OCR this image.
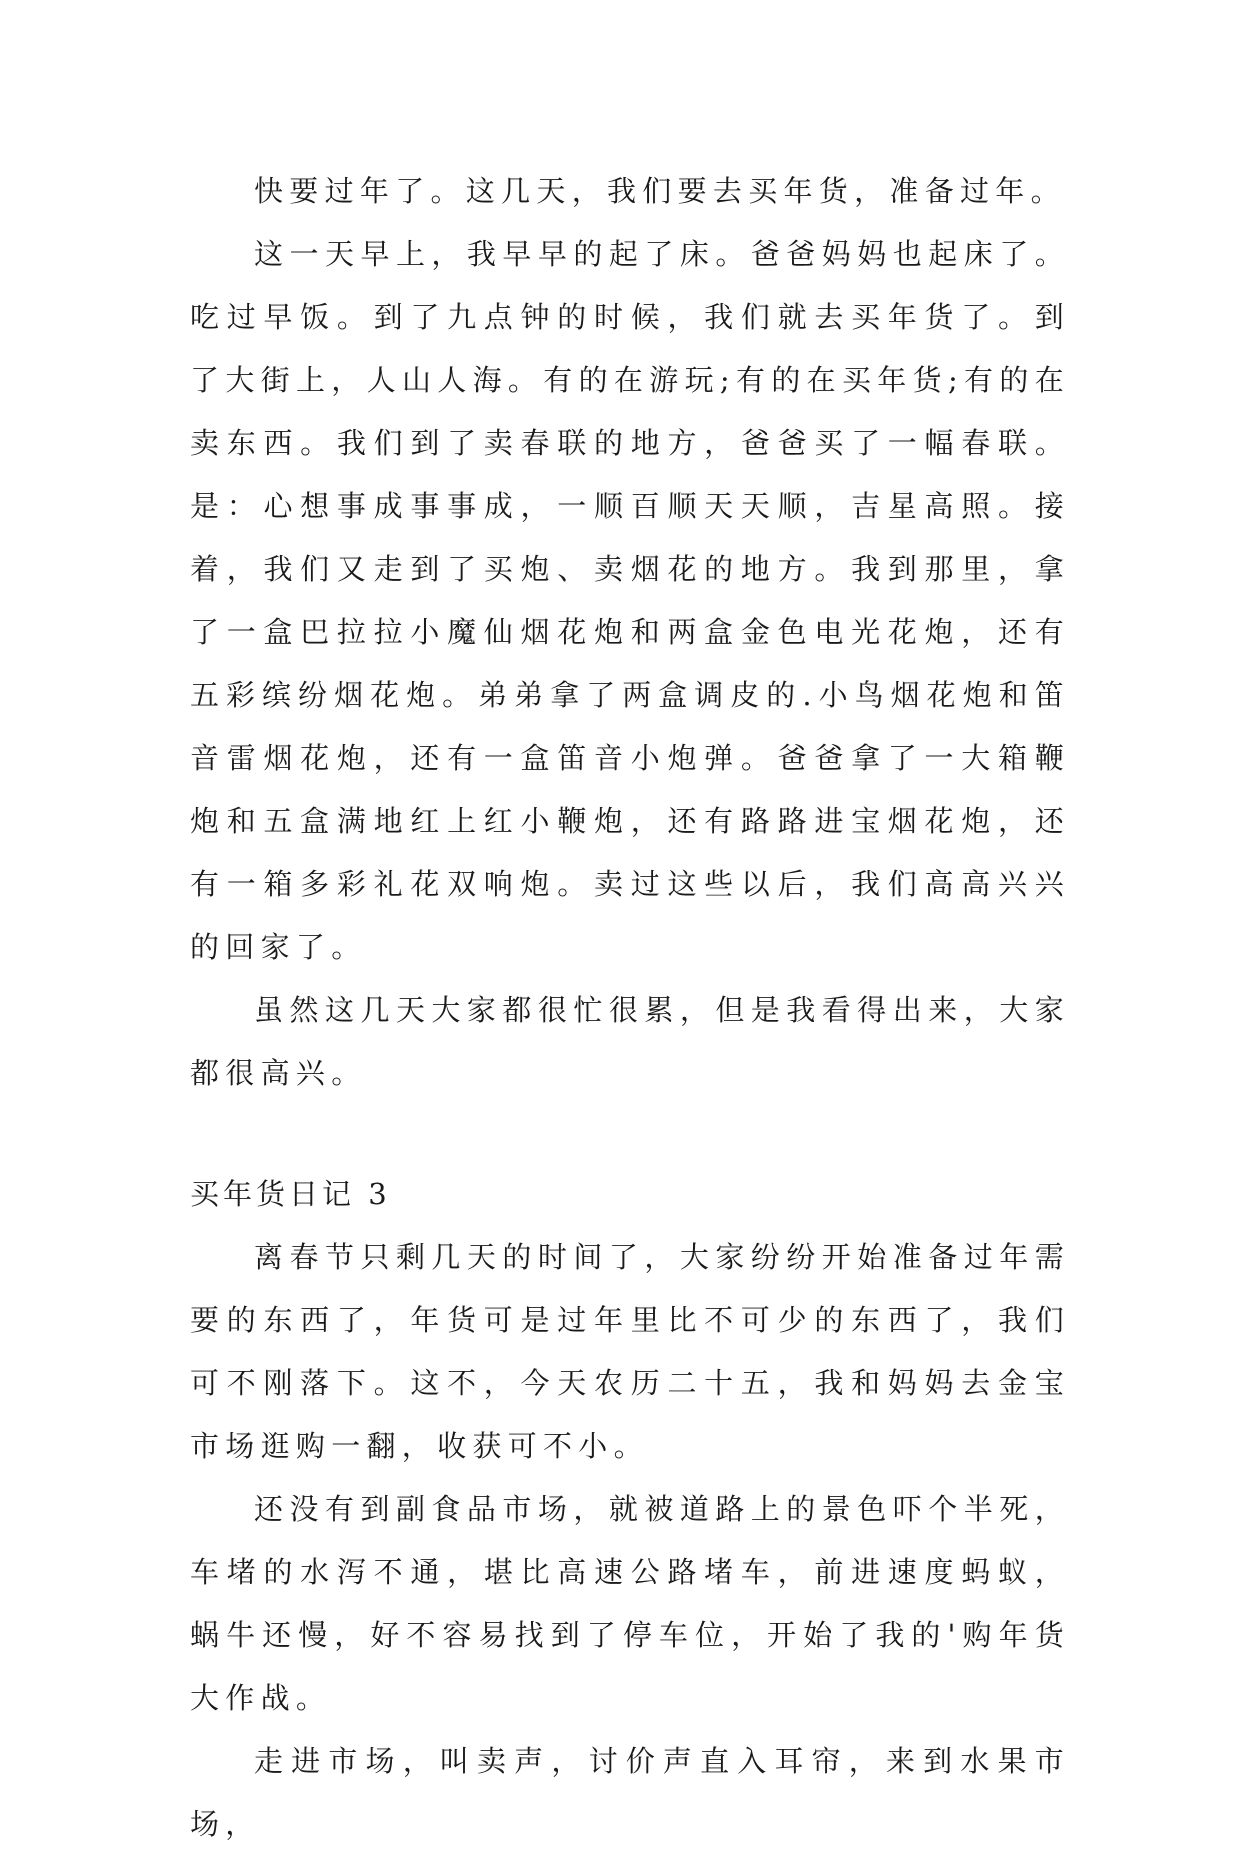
快要过年了。这几天，我们要去买年货，准备过年。

这一天早上，我早早的起了床。爸爸妈妈也起床了。吃过早饭。到了九点钟的时候，我们就去买年货了。到了大街上，人山人海。有的在游玩;有的在买年货;有的在卖东西。我们到了卖春联的地方，爸爸买了一幅春联。是：心想事成事事成，一顺百顺天天顺，吉星高照。接着，我们又走到了买炮、卖烟花的地方。我到那里，拿了一盒巴拉拉小魔仙烟花炮和两盒金色电光花炮，还有五彩缤纷烟花炮。弟弟拿了两盒调皮的.小鸟烟花炮和笛音雷烟花炮，还有一盒笛音小炮弹。爸爸拿了一大箱鞭炮和五盒满地红上红小鞭炮，还有路路进宝烟花炮，还有一箱多彩礼花双响炮。卖过这些以后，我们高高兴兴的回家了。

虽然这几天大家都很忙很累，但是我看得出来，大家都很高兴。

买年货日记 3

离春节只剩几天的时间了，大家纷纷开始准备过年需要的东西了，年货可是过年里比不可少的东西了，我们可不刚落下。这不，今天农历二十五，我和妈妈去金宝市场逛购一翻，收获可不小。

还没有到副食品市场，就被道路上的景色吓个半死，车堵的水泻不通，堪比高速公路堵车，前进速度蚂蚁，蜗牛还慢，好不容易找到了停车位，开始了我的'购年货大作战。

走进市场，叫卖声，讨价声直入耳帘，来到水果市场，
